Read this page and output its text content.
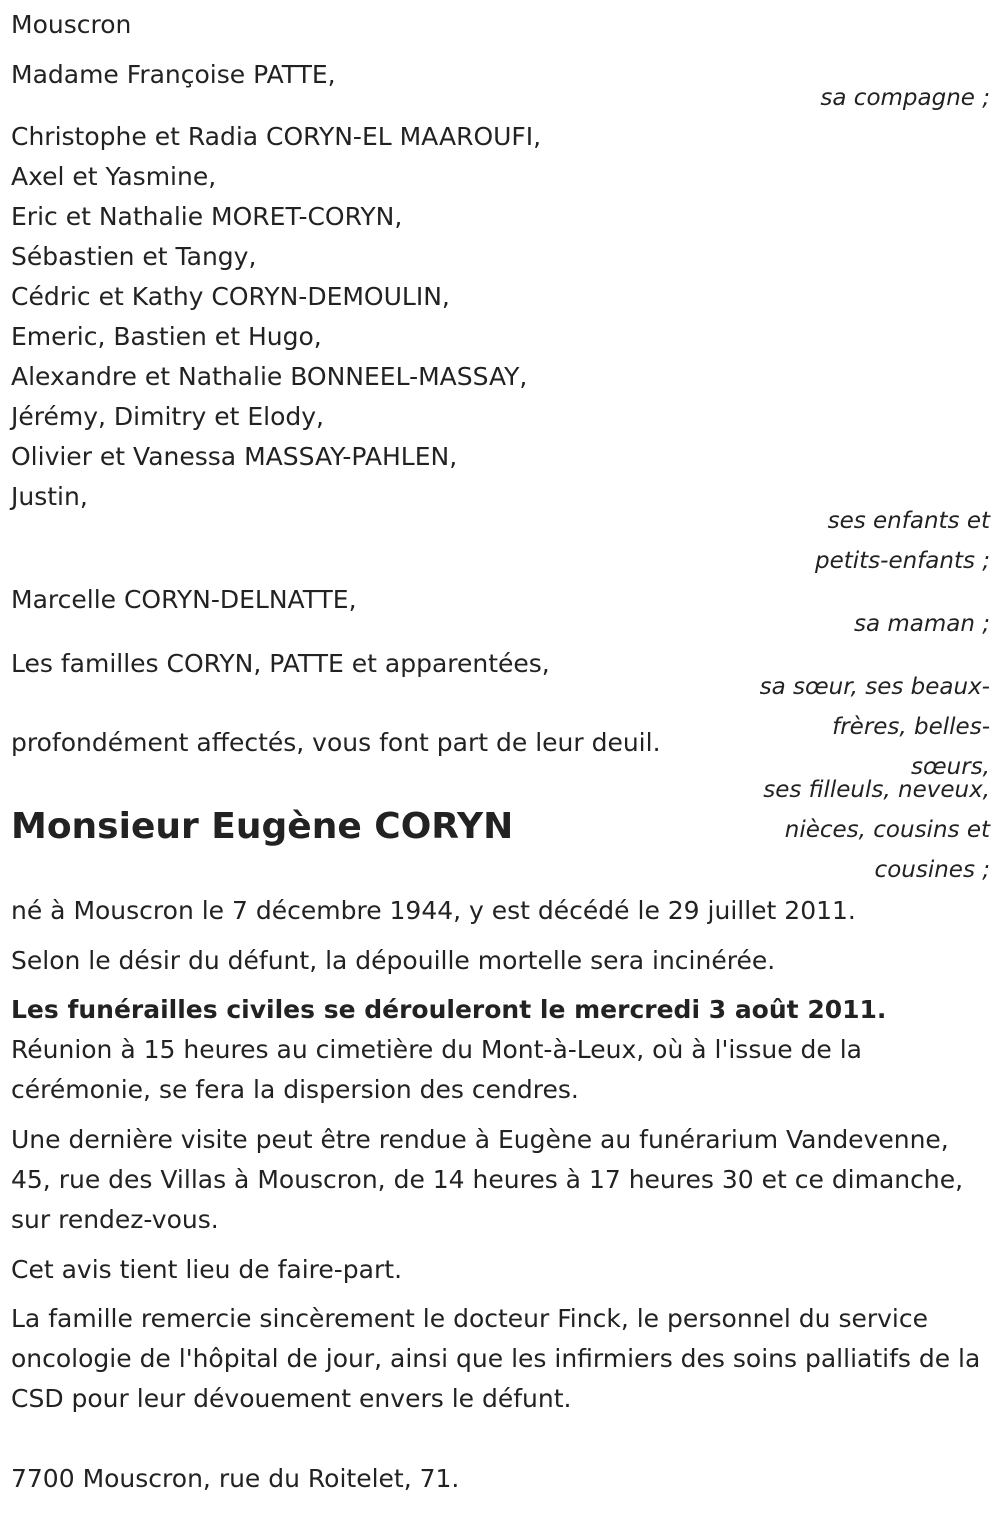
Mouscron

Madame Françoise PATTE,

sa compagne ;

Christophe et Radia CORYN-EL MAAROUFI,

Axel et Yasmine,

Eric et Nathalie MORET-CORYN,

Sébastien et Tangy,

Cédric et Kathy CORYN-DEMOULIN,

Emeric, Bastien et Hugo,

Alexandre et Nathalie BONNEEL-MASSAY,

Jérémy, Dimitry et Elody,

Olivier et Vanessa MASSAY-PAHLEN,

Justin,

ses enfants et

petits-enfants ;

Marcelle CORYN-DELNATTE,

sa maman ;

Les familles CORYN, PATTE et apparentées,

sa sœur, ses beaux-

frères, belles-

sœurs,

profondément affectés, vous font part de leur deuil.

ses filleuls, neveux,

nièces, cousins et

cousines ;

Monsieur Eugène CORYN

né à Mouscron le 7 décembre 1944, y est décédé le 29 juillet 2011.

Selon le désir du défunt, la dépouille mortelle sera incinérée.

Les funérailles civiles se dérouleront le mercredi 3 août 2011. Réunion à 15 heures au cimetière du Mont-à-Leux, où à l'issue de la cérémonie, se fera la dispersion des cendres.

Une dernière visite peut être rendue à Eugène au funérarium Vandevenne, 45, rue des Villas à Mouscron, de 14 heures à 17 heures 30 et ce dimanche, sur rendez-vous.

Cet avis tient lieu de faire-part.

La famille remercie sincèrement le docteur Finck, le personnel du service oncologie de l'hôpital de jour, ainsi que les infirmiers des soins palliatifs de la CSD pour leur dévouement envers le défunt.

7700 Mouscron, rue du Roitelet, 71.
